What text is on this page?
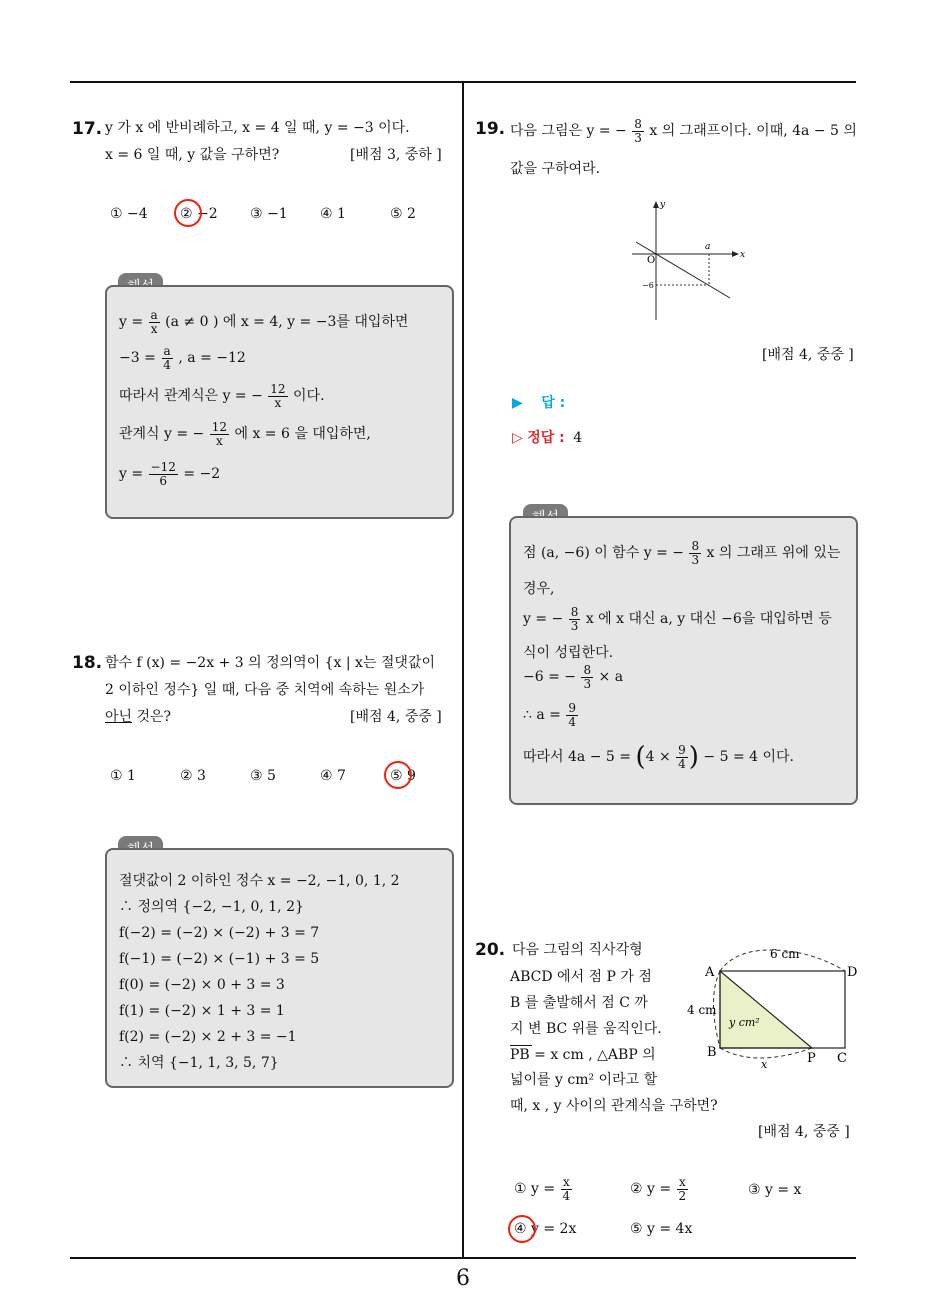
17. y 가 x 에 반비례하고, x = 4 일 때, y = −3 이다.
x = 6 일 때, y 값을 구하면?	[배점 3, 중하 ]
① −4 ② −2 ③ −1 ④ 1	⑤ 2
$y = \frac{a}{x} (a \ne 0$ ) 에 x = 4, y = −3를 대입하면
$-3 = \frac{a}{4}$ , a = −12
따라서 관계식은 y = − $\frac{12}{x}$ 이다.
관계식 y = − $\frac{12}{x}$ 에 x = 6 을 대입하면,
$y = \frac{-12}{6} = -2$
18. 함수 f (x) = −2x + 3 의 정의역이 {x | x는 절댓값이
2 이하인 정수} 일 때, 다음 중 치역에 속하는 원소가
아닌 것은?	[배점 4, 중중 ]
① 1	② 3	③ 5	④ 7	⑤ 9
절댓값이 2 이하인 정수 x = −2, −1, 0, 1, 2
∴ 정의역 {−2, −1, 0, 1, 2}
f(−2) = (−2) × (−2) + 3 = 7
f(−1) = (−2) × (−1) + 3 = 5
f(0) = (−2) × 0 + 3 = 3
f(1) = (−2) × 1 + 3 = 1
f(2) = (−2) × 2 + 3 = −1
∴ 치역 {−1, 1, 3, 5, 7}
19. 다음 그림은 y = − $\frac{8}{3}$ x 의 그래프이다. 이때, 4a − 5 의
값을 구하여라.
y
x
O
a
−6
[배점 4, 중중 ]
▶ 답 :
▷ 정답 : 4
점 (a, −6) 이 함수 y = − $\frac{8}{3}$ x 의 그래프 위에 있는
경우,
y = − $\frac{8}{3}$ x 에 x 대신 a, y 대신 −6을 대입하면 등
식이 성립한다.
−6 = − $\frac{8}{3} \times a$
∴ $a = \frac{9}{4}$
따라서 $4a - 5 = (4 \times \frac{9}{4}$ ) − 5 = 4 이다.
20. 다음 그림의 직사각형
ABCD 에서 점 P 가 점
B 를 출발해서 점 C 까
지 변 BC 위를 움직인다.
PB = x cm , △ABP 의
넓이를 y cm² 이라고 할
때, x , y 사이의 관계식을 구하면?
A
B	C
D
P
6 cm
4 cm
y cm²
x
[배점 4, 중중 ]
① $y = \frac{x}{4}$	② $y = \frac{x}{2}$	③ y = x
④ y = 2x	⑤ y = 4x
6
